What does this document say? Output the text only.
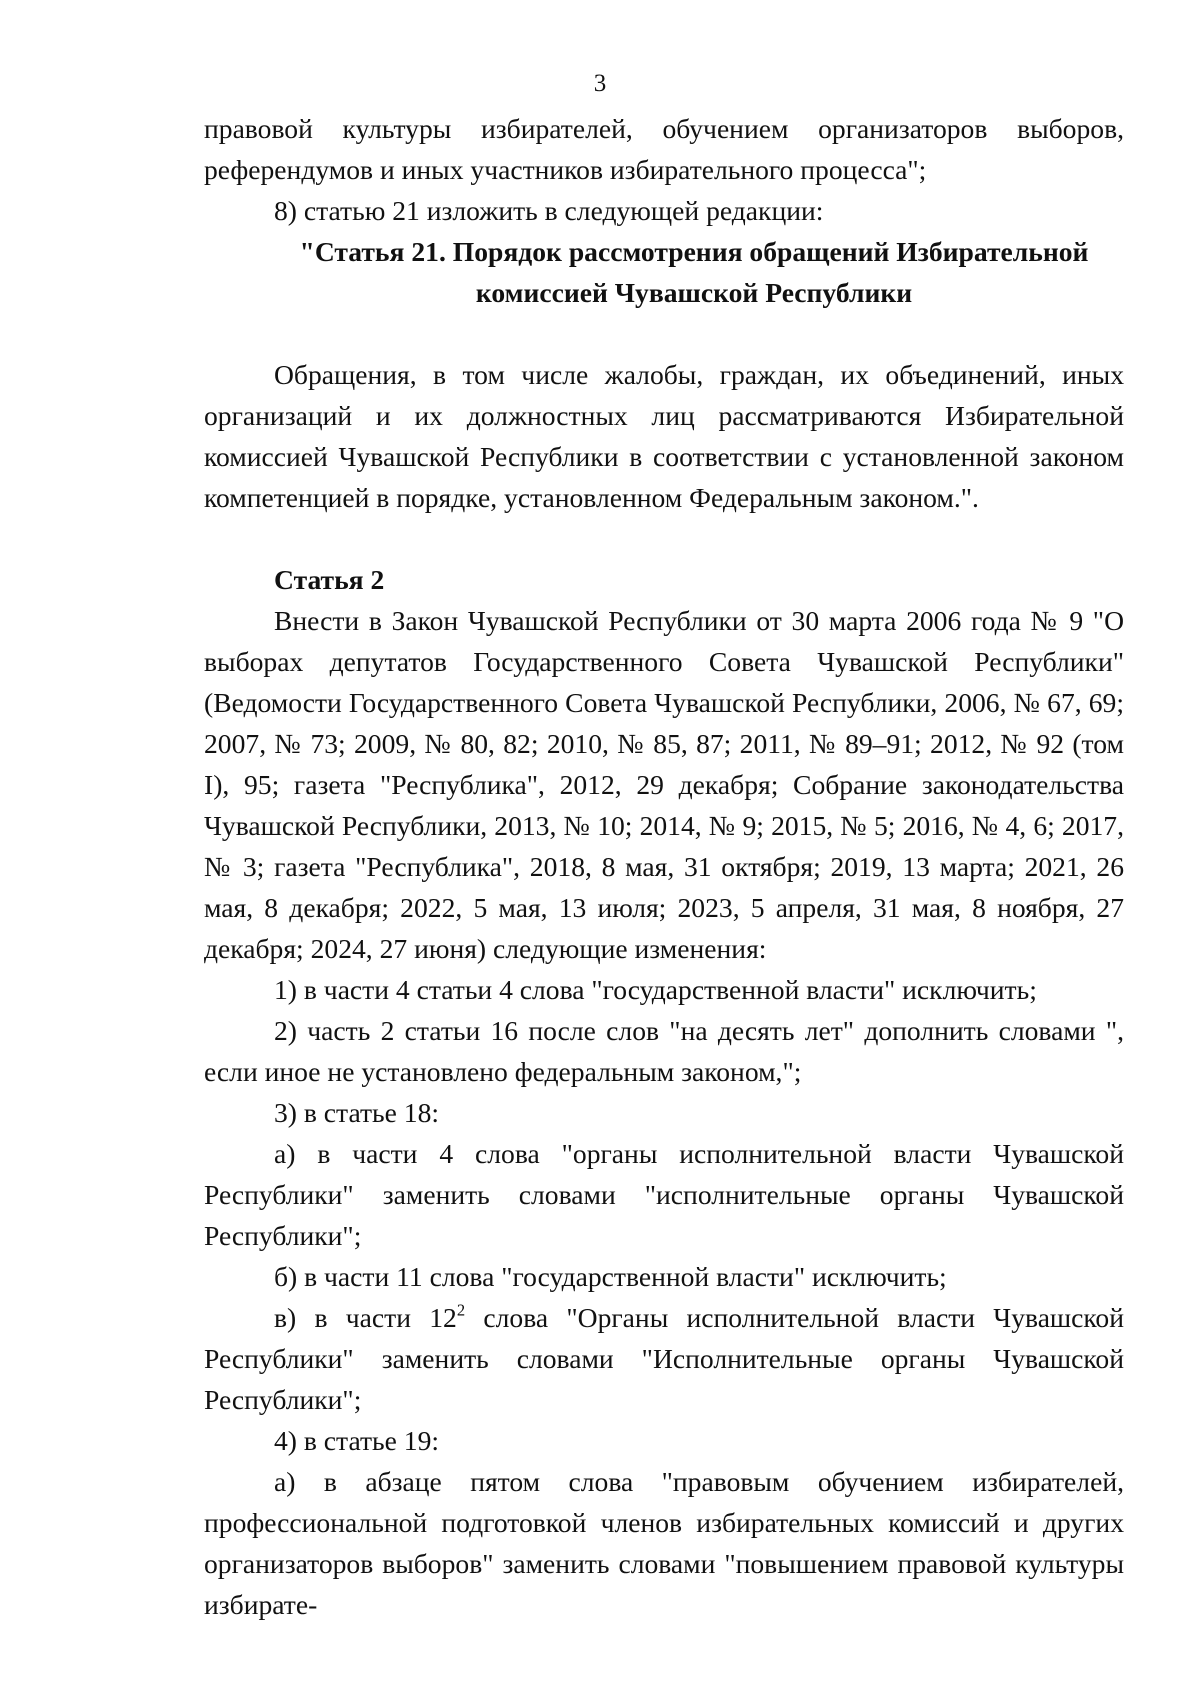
3

правовой культуры избирателей, обучением организаторов выборов, референдумов и иных участников избирательного процесса";

8) статью 21 изложить в следующей редакции:

"Статья 21. Порядок рассмотрения обращений Избирательной комиссией Чувашской Республики

Обращения, в том числе жалобы, граждан, их объединений, иных организаций и их должностных лиц рассматриваются Избирательной комиссией Чувашской Республики в соответствии с установленной законом компетенцией в порядке, установленном Федеральным законом.".

Статья 2

Внести в Закон Чувашской Республики от 30 марта 2006 года № 9 "О выборах депутатов Государственного Совета Чувашской Республики" (Ведомости Государственного Совета Чувашской Республики, 2006, № 67, 69; 2007, № 73; 2009, № 80, 82; 2010, № 85, 87; 2011, № 89–91; 2012, № 92 (том I), 95; газета "Республика", 2012, 29 декабря; Собрание законодательства Чувашской Республики, 2013, № 10; 2014, № 9; 2015, № 5; 2016, № 4, 6; 2017, № 3; газета "Республика", 2018, 8 мая, 31 октября; 2019, 13 марта; 2021, 26 мая, 8 декабря; 2022, 5 мая, 13 июля; 2023, 5 апреля, 31 мая, 8 ноября, 27 декабря; 2024, 27 июня) следующие изменения:

1) в части 4 статьи 4 слова "государственной власти" исключить;

2) часть 2 статьи 16 после слов "на десять лет" дополнить словами ", если иное не установлено федеральным законом,";

3) в статье 18:

а) в части 4 слова "органы исполнительной власти Чувашской Республики" заменить словами "исполнительные органы Чувашской Республики";

б) в части 11 слова "государственной власти" исключить;

в) в части $12^2$ слова "Органы исполнительной власти Чувашской Республики" заменить словами "Исполнительные органы Чувашской Республики";

4) в статье 19:

а) в абзаце пятом слова "правовым обучением избирателей, профессиональной подготовкой членов избирательных комиссий и других организаторов выборов" заменить словами "повышением правовой культуры избирате-
